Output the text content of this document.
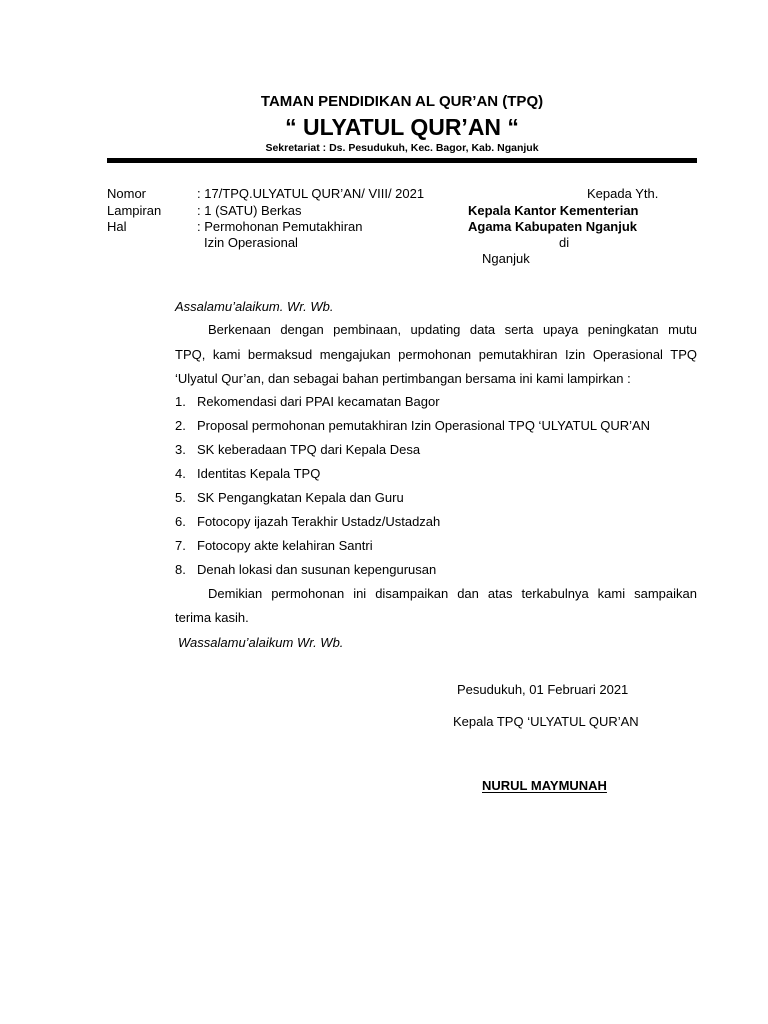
TAMAN PENDIDIKAN AL QUR’AN (TPQ)
“ ULYATUL QUR’AN “
Sekretariat : Ds. Pesudukuh, Kec. Bagor, Kab. Nganjuk
Nomor	: 17/TPQ.ULYATUL QUR’AN/ VIII/ 2021
Lampiran	: 1 (SATU) Berkas
Hal	: Permohonan Pemutakhiran
Izin Operasional
Kepada Yth.
Kepala Kantor Kementerian
Agama Kabupaten Nganjuk
di
Nganjuk
Assalamu’alaikum. Wr. Wb.
Berkenaan dengan pembinaan, updating data serta upaya peningkatan mutu
TPQ, kami bermaksud mengajukan permohonan pemutakhiran Izin Operasional TPQ
‘Ulyatul Qur’an, dan sebagai bahan pertimbangan bersama ini kami lampirkan :
1. Rekomendasi dari PPAI kecamatan Bagor
2. Proposal permohonan pemutakhiran Izin Operasional TPQ ‘ULYATUL QUR’AN
3. SK keberadaan TPQ dari Kepala Desa
4. Identitas Kepala TPQ
5. SK Pengangkatan Kepala dan Guru
6. Fotocopy ijazah Terakhir Ustadz/Ustadzah
7. Fotocopy akte kelahiran Santri
8. Denah lokasi dan susunan kepengurusan
Demikian permohonan ini disampaikan dan atas terkabulnya kami sampaikan
terima kasih.
Wassalamu’alaikum Wr. Wb.
Pesudukuh, 01 Februari 2021
Kepala TPQ ‘ULYATUL QUR’AN
NURUL MAYMUNAH
